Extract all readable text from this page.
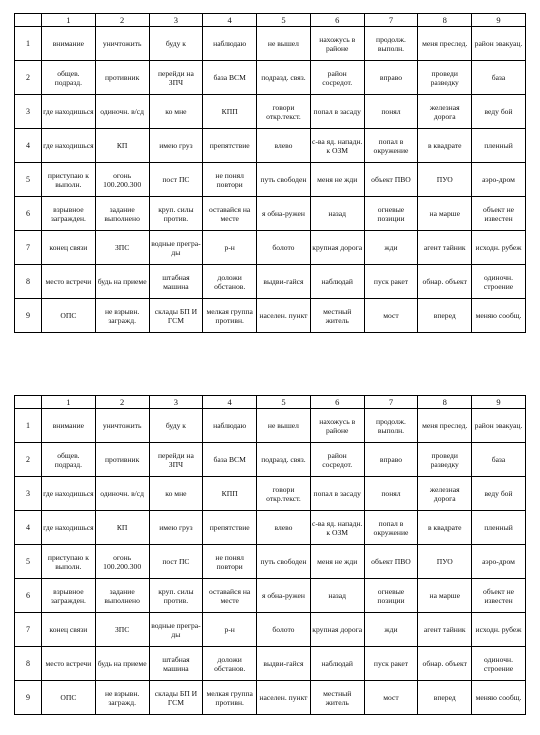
	1	2	3	4	5	6	7	8	9
1	внимание	уничтожить	буду к	наблюдаю	не вышел	нахожусь в районе	продолж. выполн.	меня преслед.	район эвакуац.
2	общев. подразд.	противник	перейди на ЗПЧ	база ВСМ	подразд. связ.	район сосредот.	вправо	проведи разведку	база
3	где находишься	одиночн. в/сд	ко мне	КПП	говори откр.текст.	попал в засаду	понял	железная дорога	веду бой
4	где находишься	КП	имею груз	препятствие	влево	с-ва яд. нападн. к ОЗМ	попал в окружение	в квадрате	пленный
5	приступаю к выполн.	огонь 100.200.300	пост ПС	не понял повтори	путь свободен	меня не жди	объект ПВО	ПУО	аэро-дром
6	взрывное загражден.	задание выполнено	круп. силы против.	оставайся на месте	я обна-ружен	назад	огневые позиции	на марше	объект не известен
7	конец связи	ЗПС	водные прегра-ды	р-н	болото	крупная дорога	жди	агент тайник	исходн. рубеж
8	место встречи	будь на приеме	штабная машина	доложи обстанов.	выдви-гайся	наблюдай	пуск ракет	обнар. объект	одиночн. строение
9	ОПС	не взрывн. загражд.	склады БП И ГСМ	мелкая группа противн.	населен. пункт	местный житель	мост	вперед	меняю сообщ.
	1	2	3	4	5	6	7	8	9
1	внимание	уничтожить	буду к	наблюдаю	не вышел	нахожусь в районе	продолж. выполн.	меня преслед.	район эвакуац.
2	общев. подразд.	противник	перейди на ЗПЧ	база ВСМ	подразд. связ.	район сосредот.	вправо	проведи разведку	база
3	где находишься	одиночн. в/сд	ко мне	КПП	говори откр.текст.	попал в засаду	понял	железная дорога	веду бой
4	где находишься	КП	имею груз	препятствие	влево	с-ва яд. нападн. к ОЗМ	попал в окружение	в квадрате	пленный
5	приступаю к выполн.	огонь 100.200.300	пост ПС	не понял повтори	путь свободен	меня не жди	объект ПВО	ПУО	аэро-дром
6	взрывное загражден.	задание выполнено	круп. силы против.	оставайся на месте	я обна-ружен	назад	огневые позиции	на марше	объект не известен
7	конец связи	ЗПС	водные прегра-ды	р-н	болото	крупная дорога	жди	агент тайник	исходн. рубеж
8	место встречи	будь на приеме	штабная машина	доложи обстанов.	выдви-гайся	наблюдай	пуск ракет	обнар. объект	одиночн. строение
9	ОПС	не взрывн. загражд.	склады БП И ГСМ	мелкая группа противн.	населен. пункт	местный житель	мост	вперед	меняю сообщ.
